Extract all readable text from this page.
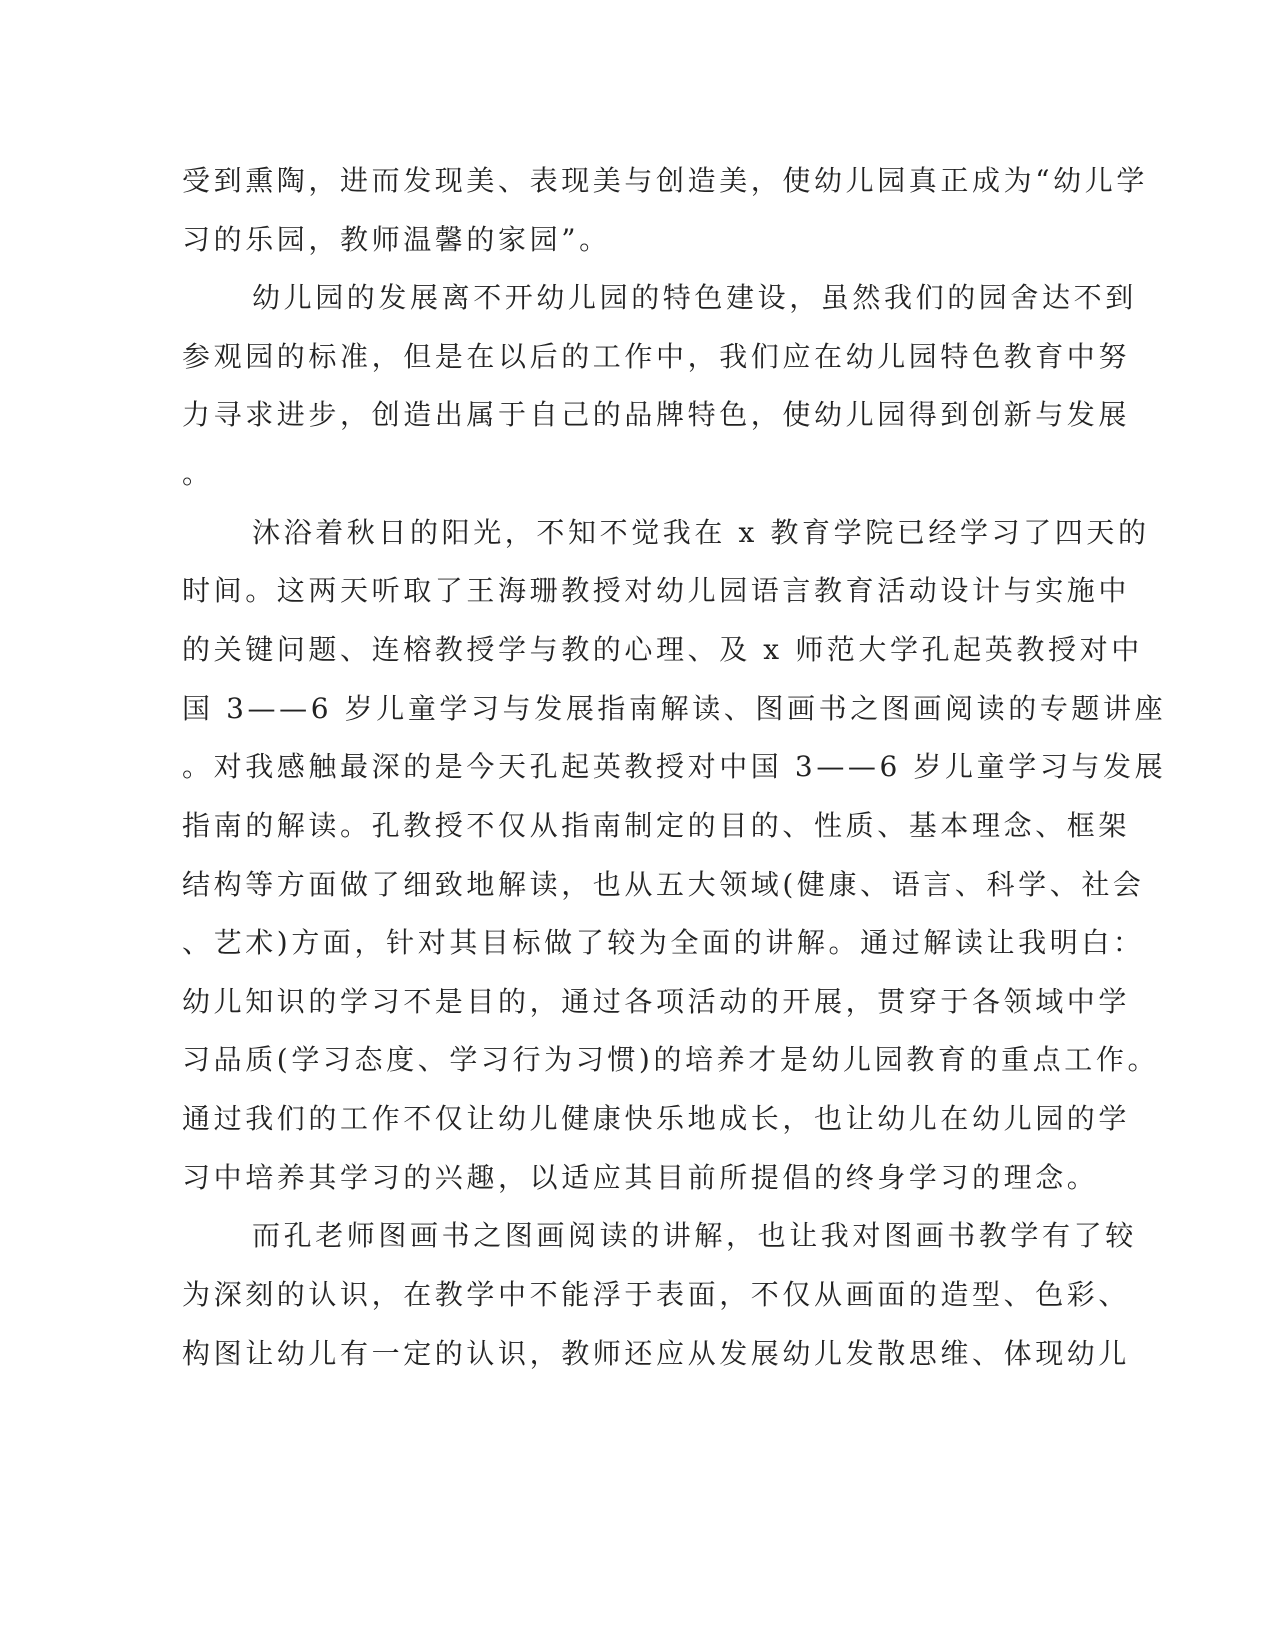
受到熏陶，进而发现美、表现美与创造美，使幼儿园真正成为“幼儿学
习的乐园，教师温馨的家园”。
幼儿园的发展离不开幼儿园的特色建设，虽然我们的园舍达不到
参观园的标准，但是在以后的工作中，我们应在幼儿园特色教育中努
力寻求进步，创造出属于自己的品牌特色，使幼儿园得到创新与发展
。
沐浴着秋日的阳光，不知不觉我在 x 教育学院已经学习了四天的
时间。这两天听取了王海珊教授对幼儿园语言教育活动设计与实施中
的关键问题、连榕教授学与教的心理、及 x 师范大学孔起英教授对中
国 3——6 岁儿童学习与发展指南解读、图画书之图画阅读的专题讲座
。对我感触最深的是今天孔起英教授对中国 3——6 岁儿童学习与发展
指南的解读。孔教授不仅从指南制定的目的、性质、基本理念、框架
结构等方面做了细致地解读，也从五大领域(健康、语言、科学、社会
、艺术)方面，针对其目标做了较为全面的讲解。通过解读让我明白：
幼儿知识的学习不是目的，通过各项活动的开展，贯穿于各领域中学
习品质(学习态度、学习行为习惯)的培养才是幼儿园教育的重点工作。
通过我们的工作不仅让幼儿健康快乐地成长，也让幼儿在幼儿园的学
习中培养其学习的兴趣，以适应其目前所提倡的终身学习的理念。
而孔老师图画书之图画阅读的讲解，也让我对图画书教学有了较
为深刻的认识，在教学中不能浮于表面，不仅从画面的造型、色彩、
构图让幼儿有一定的认识，教师还应从发展幼儿发散思维、体现幼儿
